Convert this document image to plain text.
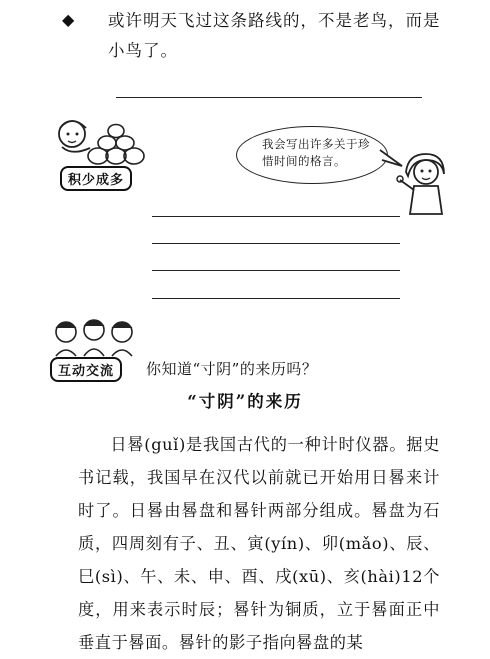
◆ 或许明天飞过这条路线的，不是老鸟，而是小鸟了。
积少成多
我会写出许多关于珍惜时间的格言。
互动交流	你知道“寸阴”的来历吗？
“寸阴”的来历

日晷(guǐ)是我国古代的一种计时仪器。据史书记载，我国早在汉代以前就已开始用日晷来计时了。日晷由晷盘和晷针两部分组成。晷盘为石质，四周刻有子、丑、寅(yín)、卯(mǎo)、辰、巳(sì)、午、未、申、酉、戌(xū)、亥(hài)12个度，用来表示时辰；晷针为铜质，立于晷面正中垂直于晷面。晷针的影子指向晷盘的某
